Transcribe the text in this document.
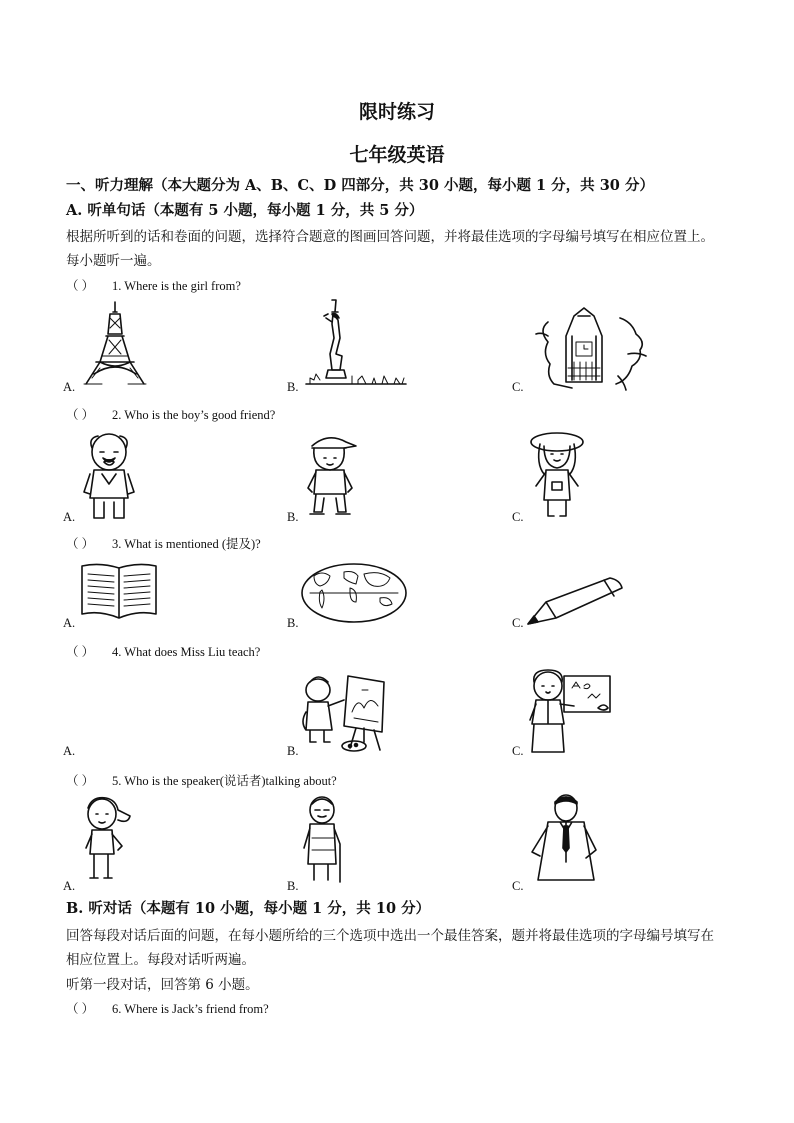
限时练习
七年级英语
一、听力理解（本大题分为 A、B、C、D 四部分，共 30 小题，每小题 1 分，共 30 分）
A. 听单句话（本题有 5 小题，每小题 1 分，共 5 分）
根据所听到的话和卷面的问题，选择符合题意的图画回答问题，并将最佳选项的字母编号填写在相应位置上。
每小题听一遍。
（ ） 1. Where is the girl from?
A.	B.	C.
（ ） 2. Who is the boy’s good friend?
A.	B.	C.
（ ） 3. What is mentioned (提及)?
A.	B.	C.
（ ） 4. What does Miss Liu teach?
A.	B.	C.
（ ） 5. Who is the speaker(说话者)talking about?
A.	B.	C.
B. 听对话（本题有 10 小题，每小题 1 分，共 10 分）
回答每段对话后面的问题，在每小题所给的三个选项中选出一个最佳答案，题并将最佳选项的字母编号填写在
相应位置上。每段对话听两遍。
听第一段对话，回答第 6 小题。
（ ） 6. Where is Jack’s friend from?
